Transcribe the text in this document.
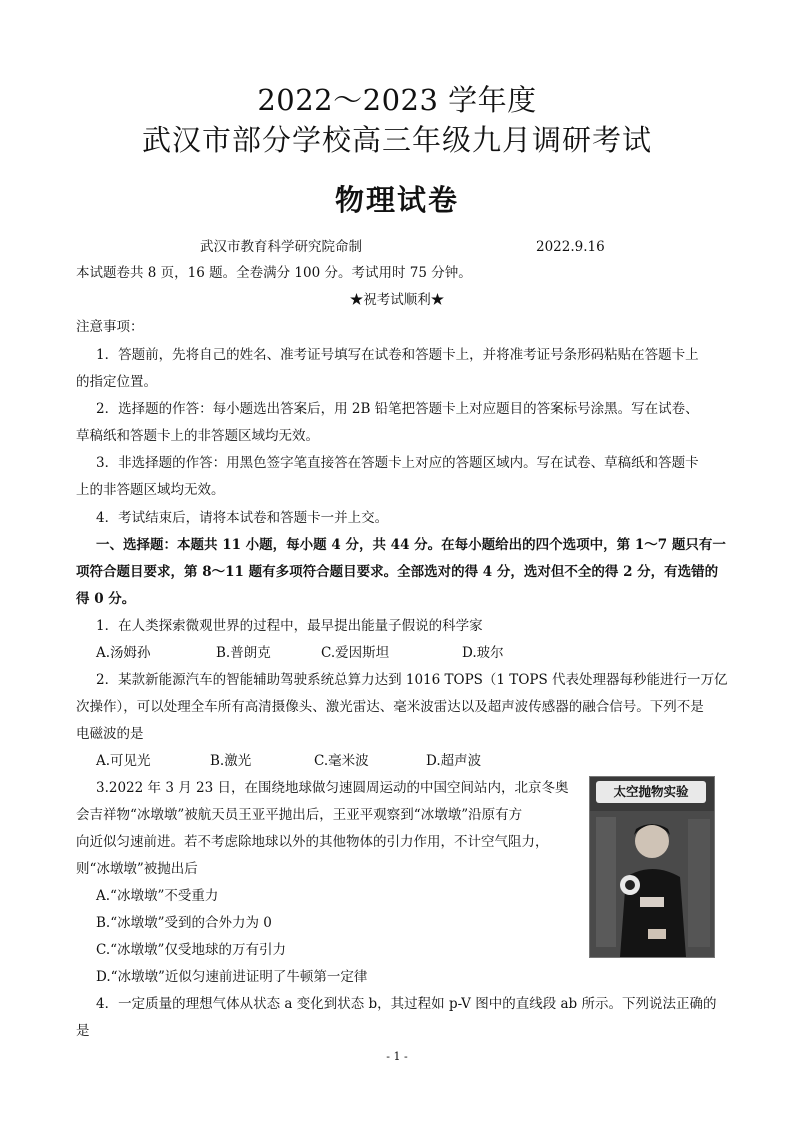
2022～2023 学年度
武汉市部分学校高三年级九月调研考试
物理试卷
武汉市教育科学研究院命制	2022.9.16
本试题卷共 8 页，16 题。全卷满分 100 分。考试用时 75 分钟。
★祝考试顺利★
注意事项：
1．答题前，先将自己的姓名、准考证号填写在试卷和答题卡上，并将准考证号条形码粘贴在答题卡上
的指定位置。
2．选择题的作答：每小题选出答案后，用 2B 铅笔把答题卡上对应题目的答案标号涂黑。写在试卷、
草稿纸和答题卡上的非答题区域均无效。
3．非选择题的作答：用黑色签字笔直接答在答题卡上对应的答题区域内。写在试卷、草稿纸和答题卡
上的非答题区域均无效。
4．考试结束后，请将本试卷和答题卡一并上交。
一、选择题：本题共 11 小题，每小题 4 分，共 44 分。在每小题给出的四个选项中，第 1～7 题只有一
项符合题目要求，第 8～11 题有多项符合题目要求。全部选对的得 4 分，选对但不全的得 2 分，有选错的
得 0 分。
1．在人类探索微观世界的过程中，最早提出能量子假说的科学家
A.汤姆孙	B.普朗克	C.爱因斯坦	D.玻尔
2．某款新能源汽车的智能辅助驾驶系统总算力达到 1016 TOPS（1 TOPS 代表处理器每秒能进行一万亿
次操作），可以处理全车所有高清摄像头、激光雷达、毫米波雷达以及超声波传感器的融合信号。下列不是
电磁波的是
A.可见光	B.激光	C.毫米波	D.超声波
3.2022 年 3 月 23 日，在围绕地球做匀速圆周运动的中国空间站内，北京冬奥
会吉祥物“冰墩墩”被航天员王亚平抛出后，王亚平观察到“冰墩墩”沿原有方
向近似匀速前进。若不考虑除地球以外的其他物体的引力作用，不计空气阻力，
则“冰墩墩”被抛出后
A.“冰墩墩”不受重力
B.“冰墩墩”受到的合外力为 0
C.“冰墩墩”仅受地球的万有引力
D.“冰墩墩”近似匀速前进证明了牛顿第一定律
太空抛物实验
4．一定质量的理想气体从状态 a 变化到状态 b，其过程如 p-V 图中的直线段 ab 所示。下列说法正确的
是
- 1 -
